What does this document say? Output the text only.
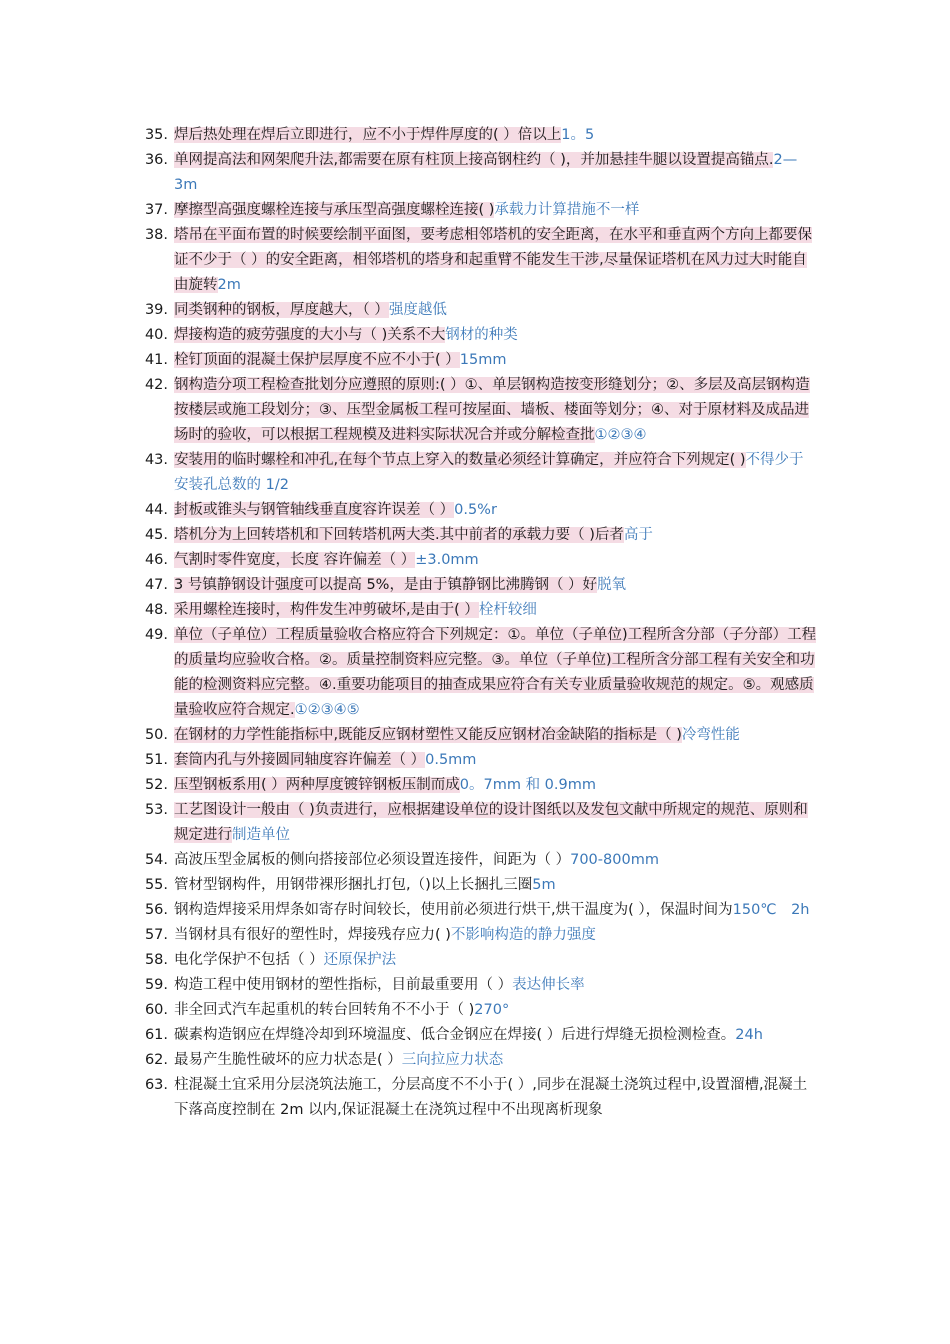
35. 焊后热处理在焊后立即进行，应不小于焊件厚度的( ）倍以上1。5
36. 单网提高法和网架爬升法,都需要在原有柱顶上接高钢柱约（ )，并加悬挂牛腿以设置提高锚点.2—3m
37. 摩擦型高强度螺栓连接与承压型高强度螺栓连接( )承载力计算措施不一样
38. 塔吊在平面布置的时候要绘制平面图，要考虑相邻塔机的安全距离，在水平和垂直两个方向上都要保证不少于（ ）的安全距离，相邻塔机的塔身和起重臂不能发生干涉,尽量保证塔机在风力过大时能自由旋转2m
39. 同类钢种的钢板，厚度越大，（ ）强度越低
40. 焊接构造的疲劳强度的大小与（ )关系不大钢材的种类
41. 栓钉顶面的混凝土保护层厚度不应不小于( ）15mm
42. 钢构造分项工程检查批划分应遵照的原则:( ）①、单层钢构造按变形缝划分；②、多层及高层钢构造按楼层或施工段划分；③、压型金属板工程可按屋面、墙板、楼面等划分；④、对于原材料及成品进场时的验收，可以根据工程规模及进料实际状况合并或分解检查批①②③④
43. 安装用的临时螺栓和冲孔,在每个节点上穿入的数量必须经计算确定，并应符合下列规定( )不得少于安装孔总数的 1/2
44. 封板或锥头与钢管轴线垂直度容许误差（ ）0.5%r
45. 塔机分为上回转塔机和下回转塔机两大类.其中前者的承载力要（ )后者高于
46. 气割时零件宽度，长度 容许偏差（ ）±3.0mm
47. 3 号镇静钢设计强度可以提高 5%，是由于镇静钢比沸腾钢（ ）好脱氧
48. 采用螺栓连接时，构件发生冲剪破坏,是由于( ）栓杆较细
49. 单位（子单位）工程质量验收合格应符合下列规定：①。单位（子单位)工程所含分部（子分部）工程的质量均应验收合格。②。质量控制资料应完整。③。单位（子单位)工程所含分部工程有关安全和功能的检测资料应完整。④.重要功能项目的抽查成果应符合有关专业质量验收规范的规定。⑤。观感质量验收应符合规定.①②③④⑤
50. 在钢材的力学性能指标中,既能反应钢材塑性又能反应钢材冶金缺陷的指标是（ )冷弯性能
51. 套筒内孔与外接圆同轴度容许偏差（ ）0.5mm
52. 压型钢板系用( ）两种厚度镀锌钢板压制而成0。7mm 和 0.9mm
53. 工艺图设计一般由（ )负责进行，应根据建设单位的设计图纸以及发包文献中所规定的规范、原则和规定进行制造单位
54. 高波压型金属板的侧向搭接部位必须设置连接件，间距为（ ）700-800mm
55. 管材型钢构件，用钢带裸形捆扎打包,（)以上长捆扎三圈5m
56. 钢构造焊接采用焊条如寄存时间较长，使用前必须进行烘干,烘干温度为( ），保温时间为150℃　2h
57. 当钢材具有很好的塑性时，焊接残存应力( )不影响构造的静力强度
58. 电化学保护不包括（ ）还原保护法
59. 构造工程中使用钢材的塑性指标，目前最重要用（ ）表达伸长率
60. 非全回式汽车起重机的转台回转角不不小于（ )270°
61. 碳素构造钢应在焊缝冷却到环境温度、低合金钢应在焊接( ）后进行焊缝无损检测检查。24h
62. 最易产生脆性破坏的应力状态是( ）三向拉应力状态
63. 柱混凝土宜采用分层浇筑法施工，分层高度不不小于( ）,同步在混凝土浇筑过程中,设置溜槽,混凝土下落高度控制在 2m 以内,保证混凝土在浇筑过程中不出现离析现象
